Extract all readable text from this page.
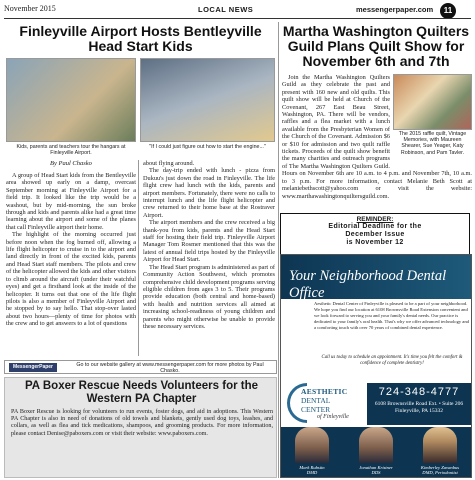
November 2015	LOCAL NEWS	messengerpaper.com	11
Finleyville Airport Hosts Bentleyville Head Start Kids
Kids, parents and teachers tour the hangars at Finleyville Airport.
"If I could just figure out how to start the engine..."
By Paul Chasko

A group of Head Start kids from the Bentleyville area showed up early on a damp, overcast September morning at Finleyville Airport for a field trip. It looked like the trip would be a washout, but by mid-morning, the sun broke through and kids and parents alike had a great time learning about the airport and some of the planes that call Finleyville airport their home.

The highlight of the morning occurred just before noon when the fog burned off, allowing a life flight helicopter to cruise in to the airport and land directly in front of the excited kids, parents and Head Start staff members. The pilots and crew of the helicopter allowed the kids and other visitors to climb around the aircraft (under their watchful eyes) and get a firsthand look at the inside of the helicopter. It turns out that one of the life flight pilots is also a member of Finleyville Airport and he stopped by to say hello. That stop-over lasted about two hours—plenty of time for photos with the crew and to get answers to a lot of questions

about flying around.

The day-trip ended with lunch - pizza from Dukuu's just down the road in Finleyville. The life flight crew had lunch with the kids, parents and airport members. Fortunately, there were no calls to interrupt lunch and the life flight helicopter and crew returned to their home base at the Rostraver Airport.

The airport members and the crew received a big thank-you from kids, parents and the Head Start staff for hosting their field trip. Finleyville Airport Manager Tom Rosmer mentioned that this was the latest of annual field trips hosted by the Finleyville Airport for Head Start.

The Head Start program is administered as part of Community Action Southwest, which promotes comprehensive child development programs serving eligible children from ages 3 to 5. Their programs provide education (both central and home-based) with health and nutrition services all aimed at increasing school-readiness of young children and parents who might otherwise be unable to provide these necessary services.

MessengerPaper	Go to our website gallery at www.messengerpaper.com for more photos by Paul Chasko.
Martha Washington Quilters Guild Plans Quilt Show for November 6th and 7th
The 2015 raffle quilt, Vintage Memories, with Maureen Shearer, Sue Yeager, Katy Robinson, and Pam Tavler.

Join the Martha Washington Quilters Guild as they celebrate the past and present with 160 new and old quilts. This quilt show will be held at Church of the Covenant, 267 East Beau Street, Washington, PA. There will be vendors, raffles and a flea market with a lunch available from the Presbyterian Women of the Church of the Covenant. Admission $6 or $10 for admission and two quilt raffle tickets. Proceeds of the quilt show benefit the many charities and outreach programs of The Martha Washington Quilters Guild.

Hours on November 6th are 10 a.m. to 4 p.m. and November 7th, 10 a.m. to 3 p.m. For more information, contact Melanie Beth Scott at melaniebethscott@yahoo.com or visit the website: www.marthawashingtonquiltersguild.com.

REMINDER:
Editorial Deadline for the
December Issue
is November 12
Your Neighborhood Dental Office
Aesthetic Dental Center of Finleyville is pleased to be a part of your neighborhood. We hope you find our location at 6108 Brownsville Road Extension convenient and we look forward to serving you and your family's dental needs. Our practice is dedicated to your family's oral health. That's why we offer advanced technology and a comforting touch with over 70 years of combined dental experience.
Call us today to schedule an appointment. It's time you felt the comfort & confidence of complete dentistry!
AESTHETIC
DENTAL
CENTER
of Finleyville
724-348-4777
6108 Brownsville Road Ext. • Suite 206
Finleyville, PA 15332
Mark Rubstin
DMD
Jonathan Kristner
DDS
Kimberley Zavanbus
DMD, Periodontist
PA Boxer Rescue Needs Volunteers for the Western PA Chapter
PA Boxer Rescue is looking for volunteers to run events, foster dogs, and aid in adoptions. This Western PA Chapter is also in need of donations of old towels and blankets, gently used dog toys, leashes, and collars, as well as flea and tick medications, shampoos, and grooming products. For more information, please contact Denise@paboxers.com or visit their website: www.paboxers.com.
